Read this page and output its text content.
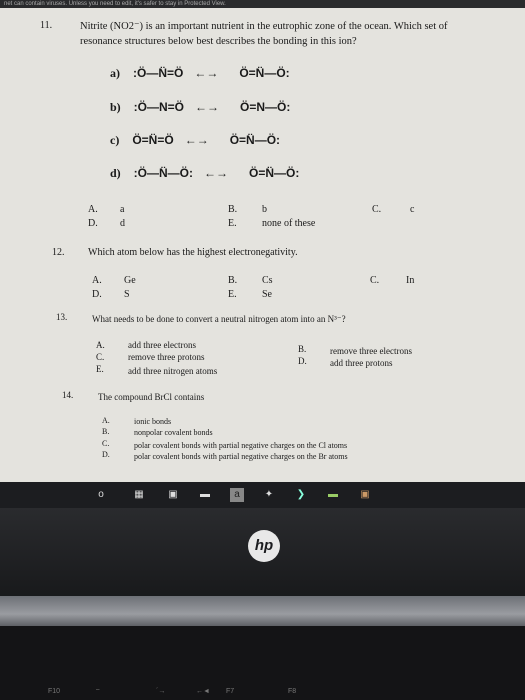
net can contain viruses. Unless you need to edit, it's safer to stay in Protected View.
11.	Nitrite (NO2⁻) is an important nutrient in the eutrophic zone of the ocean. Which set of
resonance structures below best describes the bonding in this ion?
a) :Ö—N̈=Ö ←→ Ö=N̈—Ö:
b) :Ö—N=Ö ←→ Ö=N—Ö:
c) Ö=N̈=Ö ←→ Ö=N̈—Ö:
d) :Ö—N̈—Ö: ←→ Ö=N̈—Ö:
A. a	B. b	C.	c
D. d	E.	none of these
12. Which atom below has the highest electronegativity.
A. Ge	B. Cs	C.	In
D. S	E.	Se
13.	What needs to be done to convert a neutral nitrogen atom into an N³⁻?
A.	add three electrons	B.	remove three electrons
C.	remove three protons	D.	add three protons
E.	add three nitrogen atoms
14.	The compound BrCl contains
A.	ionic bonds
B.	nonpolar covalent bonds
C.	polar covalent bonds with partial negative charges on the Cl atoms
D.	polar covalent bonds with partial negative charges on the Br atoms
o	▦ ▣ ▬	a	✦ ❯ ▬ ▣
hp
F10	⎯	´→	←◄ F7	F8
